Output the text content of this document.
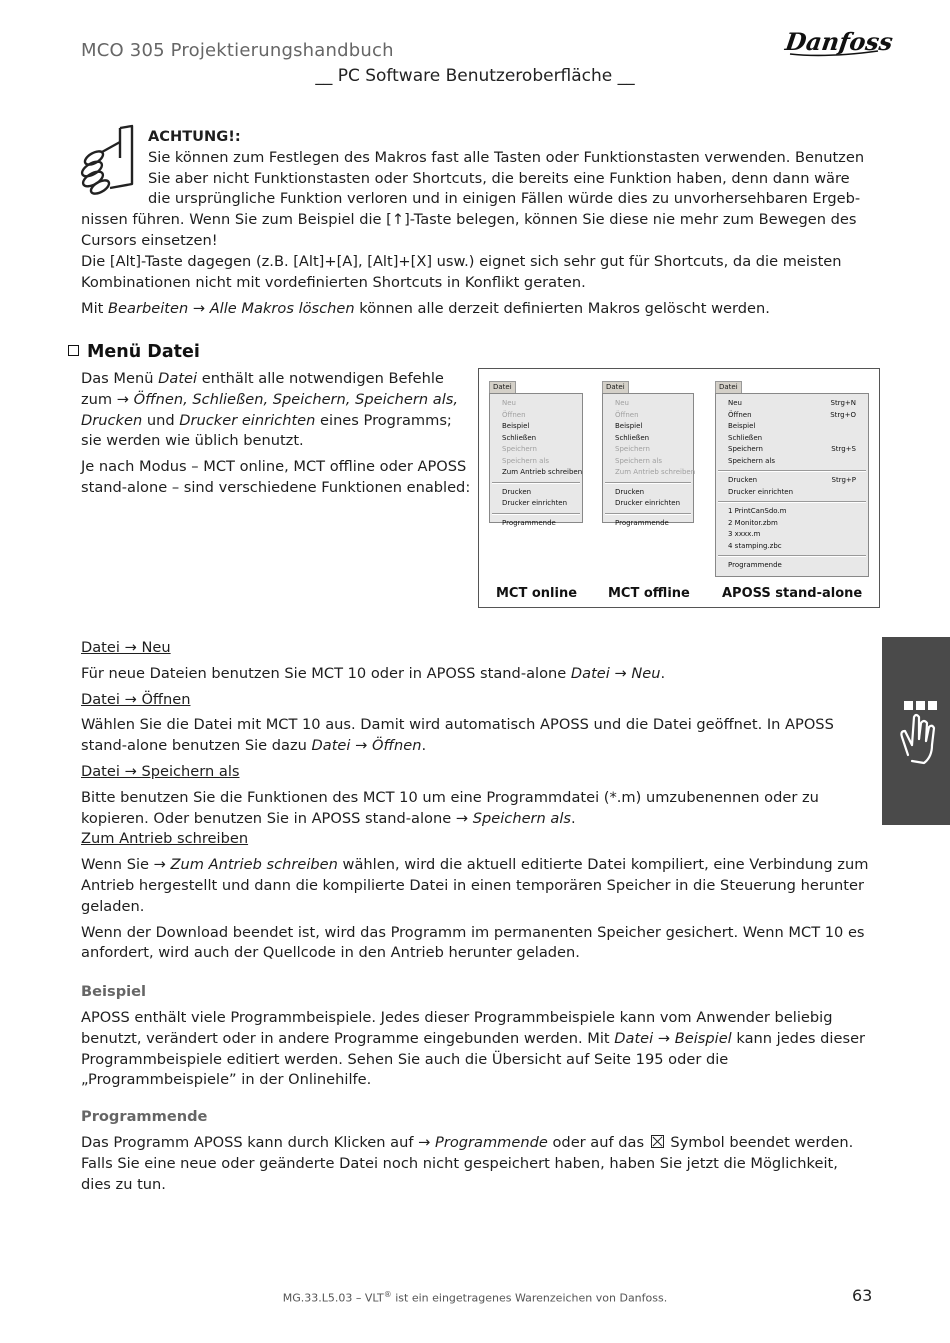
MCO 305 Projektierungshandbuch	Danfoss
__ PC Software Benutzeroberfläche __

ACHTUNG!:

Sie können zum Festlegen des Makros fast alle Tasten oder Funktionstasten verwenden. Benutzen Sie aber nicht Funktionstasten oder Shortcuts, die bereits eine Funktion haben, denn dann wäre die ursprüngliche Funktion verloren und in einigen Fällen würde dies zu unvorhersehbaren Ergeb-

nissen führen. Wenn Sie zum Beispiel die [↑]-Taste belegen, können Sie diese nie mehr zum Bewegen des Cursors einsetzen!

Die [Alt]-Taste dagegen (z.B. [Alt]+[A], [Alt]+[X] usw.) eignet sich sehr gut für Shortcuts, da die meisten Kombinationen nicht mit vordefinierten Shortcuts in Konflikt geraten.

Mit Bearbeiten → Alle Makros löschen können alle derzeit definierten Makros gelöscht werden.

Menü Datei

Das Menü Datei enthält alle notwendigen Befehle zum → Öffnen, Schließen, Speichern, Speichern als, Drucken und Drucker einrichten eines Programms; sie werden wie üblich benutzt.

Je nach Modus – MCT online, MCT offline oder APOSS stand-alone – sind verschiedene Funktionen enabled:

Datei
Neu
Öffnen
Beispiel
Schließen
Speichern
Speichern als
Zum Antrieb schreiben
Drucken
Drucker einrichten
Programmende
Datei
Neu
Öffnen
Beispiel
Schließen
Speichern
Speichern als
Zum Antrieb schreiben
Drucken
Drucker einrichten
Programmende
Datei
Neu	Strg+N
Öffnen	Strg+O
Beispiel
Schließen
Speichern	Strg+S
Speichern als
Drucken	Strg+P
Drucker einrichten
1 PrintCanSdo.m
2 Monitor.zbm
3 xxxx.m
4 stamping.zbc
Programmende
MCT online MCT offline APOSS stand-alone

Datei → Neu

Für neue Dateien benutzen Sie MCT 10 oder in APOSS stand-alone Datei → Neu.

Datei → Öffnen

Wählen Sie die Datei mit MCT 10 aus. Damit wird automatisch APOSS und die Datei geöffnet. In APOSS stand-alone benutzen Sie dazu Datei → Öffnen.

Datei → Speichern als

Bitte benutzen Sie die Funktionen des MCT 10 um eine Programmdatei (*.m) umzubenennen oder zu kopieren. Oder benutzen Sie in APOSS stand-alone → Speichern als.

Zum Antrieb schreiben

Wenn Sie → Zum Antrieb schreiben wählen, wird die aktuell editierte Datei kompiliert, eine Verbindung zum Antrieb hergestellt und dann die kompilierte Datei in einen temporären Speicher in die Steuerung herunter geladen.

Wenn der Download beendet ist, wird das Programm im permanenten Speicher gesichert. Wenn MCT 10 es anfordert, wird auch der Quellcode in den Antrieb herunter geladen.

Beispiel

APOSS enthält viele Programmbeispiele. Jedes dieser Programmbeispiele kann vom Anwender beliebig benutzt, verändert oder in andere Programme eingebunden werden. Mit Datei → Beispiel kann jedes dieser Programmbeispiele editiert werden. Sehen Sie auch die Übersicht auf Seite 195 oder die „Programmbeispiele” in der Onlinehilfe.

Programmende

Das Programm APOSS kann durch Klicken auf → Programmende oder auf das  Symbol beendet werden. Falls Sie eine neue oder geänderte Datei noch nicht gespeichert haben, haben Sie jetzt die Möglichkeit, dies zu tun.

MG.33.L5.03 – VLT® ist ein eingetragenes Warenzeichen von Danfoss.	63
